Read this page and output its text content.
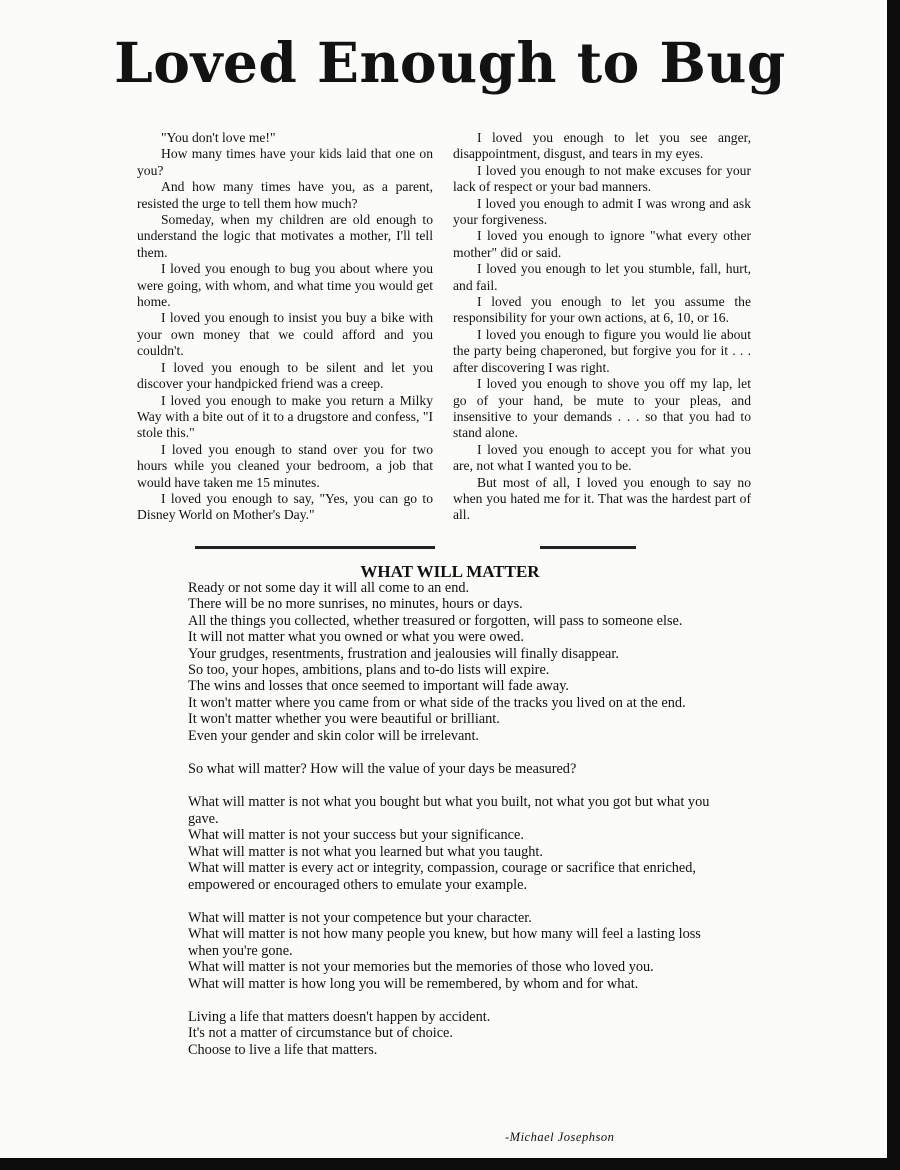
Loved Enough to Bug

"You don't love me!"

How many times have your kids laid that one on you?

And how many times have you, as a parent, resisted the urge to tell them how much?

Someday, when my children are old enough to understand the logic that motivates a mother, I'll tell them.

I loved you enough to bug you about where you were going, with whom, and what time you would get home.

I loved you enough to insist you buy a bike with your own money that we could afford and you couldn't.

I loved you enough to be silent and let you discover your handpicked friend was a creep.

I loved you enough to make you return a Milky Way with a bite out of it to a drugstore and confess, "I stole this."

I loved you enough to stand over you for two hours while you cleaned your bedroom, a job that would have taken me 15 minutes.

I loved you enough to say, "Yes, you can go to Disney World on Mother's Day."

I loved you enough to let you see anger, disappointment, disgust, and tears in my eyes.

I loved you enough to not make excuses for your lack of respect or your bad manners.

I loved you enough to admit I was wrong and ask your forgiveness.

I loved you enough to ignore "what every other mother" did or said.

I loved you enough to let you stumble, fall, hurt, and fail.

I loved you enough to let you assume the responsibility for your own actions, at 6, 10, or 16.

I loved you enough to figure you would lie about the party being chaperoned, but forgive you for it . . . after discovering I was right.

I loved you enough to shove you off my lap, let go of your hand, be mute to your pleas, and insensitive to your demands . . . so that you had to stand alone.

I loved you enough to accept you for what you are, not what I wanted you to be.

But most of all, I loved you enough to say no when you hated me for it. That was the hardest part of all.

WHAT WILL MATTER

Ready or not some day it will all come to an end.

There will be no more sunrises, no minutes, hours or days.

All the things you collected, whether treasured or forgotten, will pass to someone else.

It will not matter what you owned or what you were owed.

Your grudges, resentments, frustration and jealousies will finally disappear.

So too, your hopes, ambitions, plans and to-do lists will expire.

The wins and losses that once seemed to important will fade away.

It won't matter where you came from or what side of the tracks you lived on at the end.

It won't matter whether you were beautiful or brilliant.

Even your gender and skin color will be irrelevant.

So what will matter? How will the value of your days be measured?

What will matter is not what you bought but what you built, not what you got but what you gave.

What will matter is not your success but your significance.

What will matter is not what you learned but what you taught.

What will matter is every act or integrity, compassion, courage or sacrifice that enriched, empowered or encouraged others to emulate your example.

What will matter is not your competence but your character.

What will matter is not how many people you knew, but how many will feel a lasting loss when you're gone.

What will matter is not your memories but the memories of those who loved you.

What will matter is how long you will be remembered, by whom and for what.

Living a life that matters doesn't happen by accident.

It's not a matter of circumstance but of choice.

Choose to live a life that matters.

-Michael Josephson
